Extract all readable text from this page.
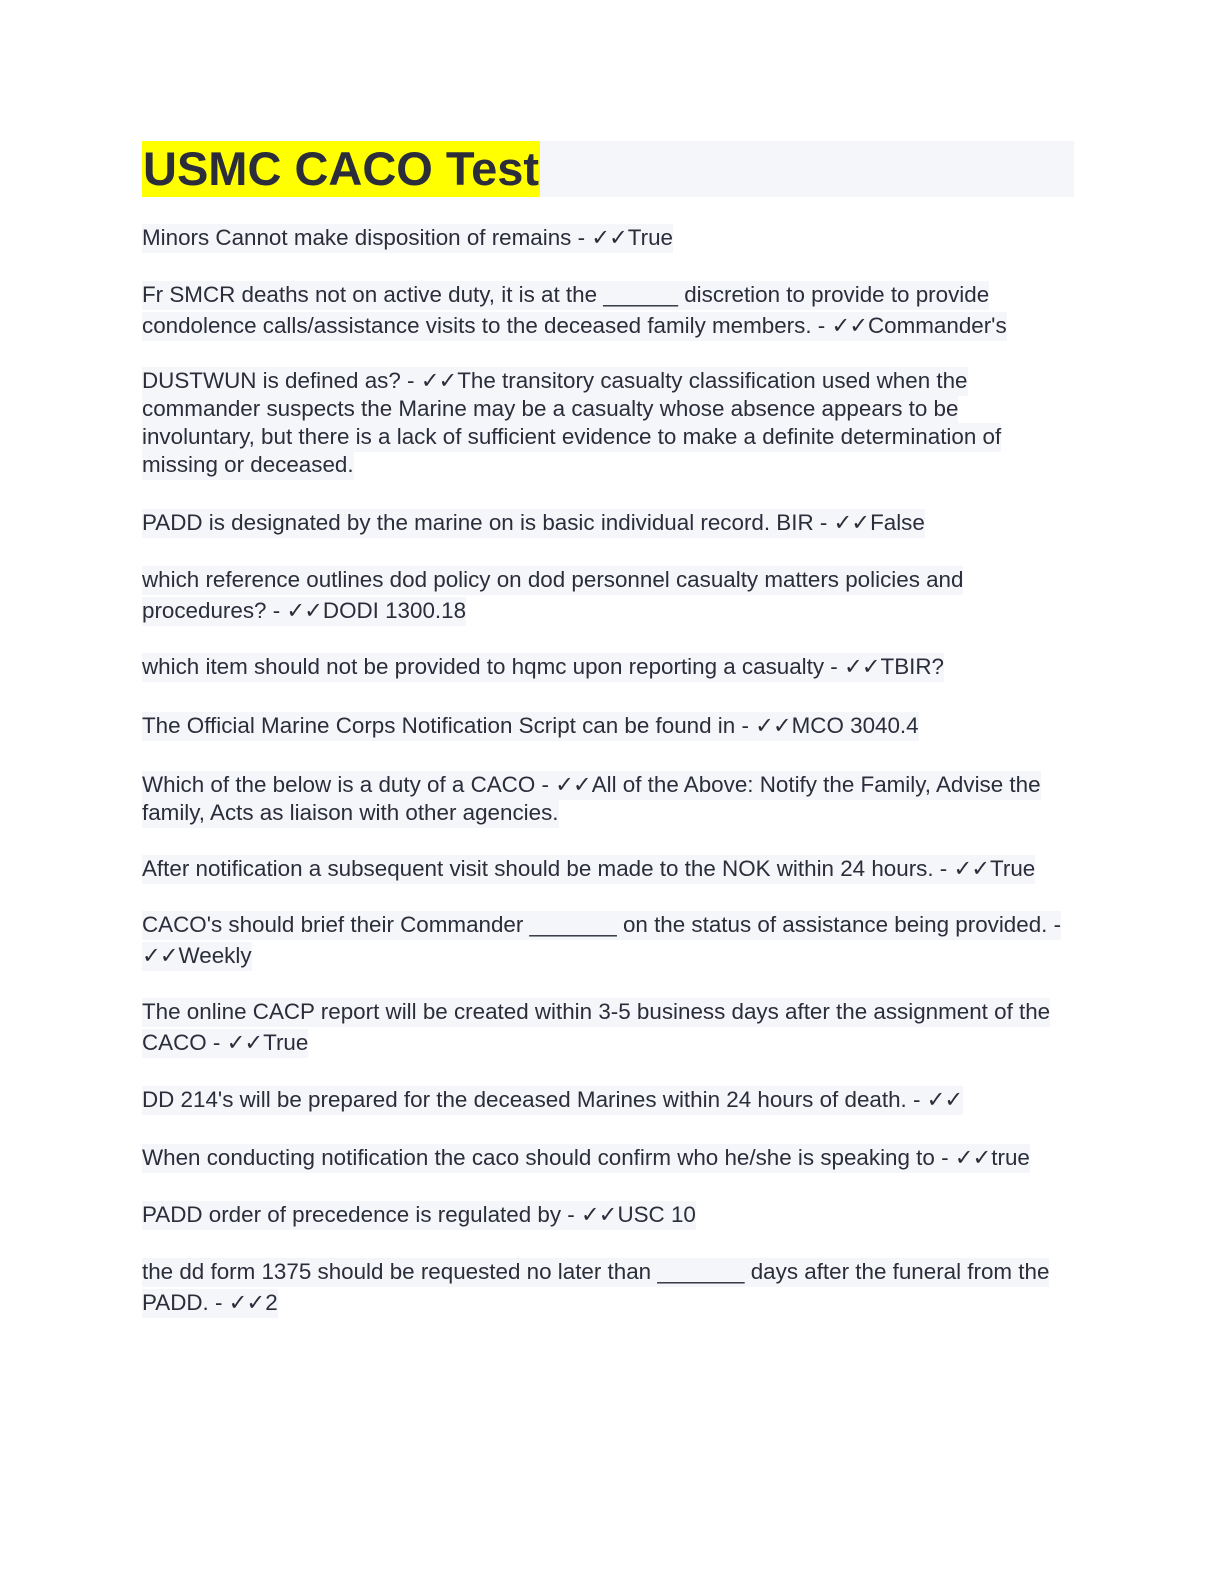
USMC CACO Test

Minors Cannot make disposition of remains - ✓✓True

Fr SMCR deaths not on active duty, it is at the ______ discretion to provide to provide condolence calls/assistance visits to the deceased family members. - ✓✓Commander's

DUSTWUN is defined as? - ✓✓The transitory casualty classification used when the commander suspects the Marine may be a casualty whose absence appears to be involuntary, but there is a lack of sufficient evidence to make a definite determination of missing or deceased.

PADD is designated by the marine on is basic individual record. BIR - ✓✓False

which reference outlines dod policy on dod personnel casualty matters policies and procedures? - ✓✓DODI 1300.18

which item should not be provided to hqmc upon reporting a casualty - ✓✓TBIR?

The Official Marine Corps Notification Script can be found in - ✓✓MCO 3040.4

Which of the below is a duty of a CACO - ✓✓All of the Above: Notify the Family, Advise the family, Acts as liaison with other agencies.

After notification a subsequent visit should be made to the NOK within 24 hours. - ✓✓True

CACO's should brief their Commander _______ on the status of assistance being provided. - ✓✓Weekly

The online CACP report will be created within 3-5 business days after the assignment of the CACO - ✓✓True

DD 214's will be prepared for the deceased Marines within 24 hours of death. - ✓✓

When conducting notification the caco should confirm who he/she is speaking to - ✓✓true

PADD order of precedence is regulated by - ✓✓USC 10

the dd form 1375 should be requested no later than _______ days after the funeral from the PADD. - ✓✓2
